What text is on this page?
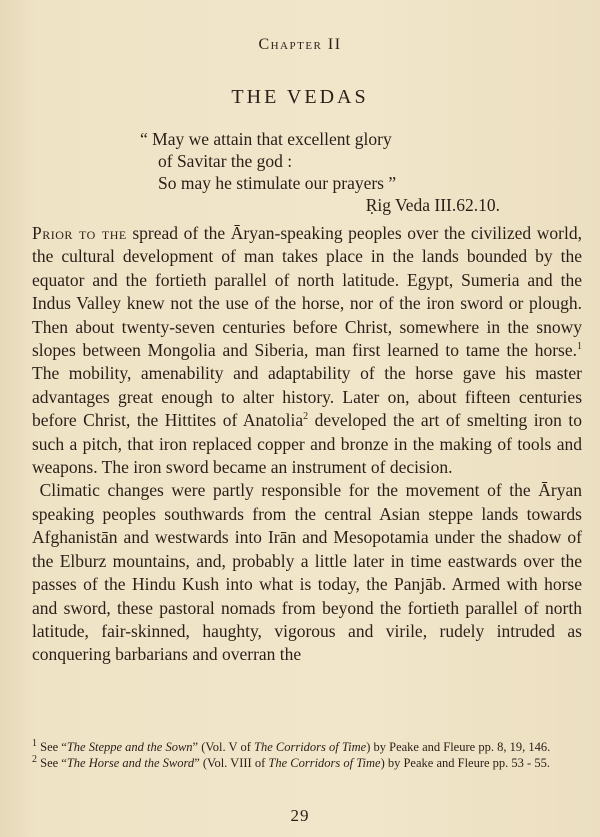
Chapter II
THE VEDAS
“ May we attain that excellent glory
of Savitar the god :
So may he stimulate our prayers ”
Ṛig Veda III.62.10.

Prior to the spread of the Āryan-speaking peoples over the civilized world, the cultural development of man takes place in the lands bounded by the equator and the fortieth parallel of north latitude. Egypt, Sumeria and the Indus Valley knew not the use of the horse, nor of the iron sword or plough. Then about twenty-seven centuries before Christ, somewhere in the snowy slopes between Mongolia and Siberia, man first learned to tame the horse.$^1$ The mobility, amenability and adaptability of the horse gave his master advantages great enough to alter history. Later on, about fifteen centuries before Christ, the Hittites of Anatolia$^2$ developed the art of smelting iron to such a pitch, that iron replaced copper and bronze in the making of tools and weapons. The iron sword became an instrument of decision.

Climatic changes were partly responsible for the movement of the Āryan speaking peoples southwards from the central Asian steppe lands towards Afghanistān and westwards into Irān and Mesopotamia under the shadow of the Elburz mountains, and, probably a little later in time eastwards over the passes of the Hindu Kush into what is today, the Panjāb. Armed with horse and sword, these pastoral nomads from beyond the fortieth parallel of north latitude, fair-skinned, haughty, vigorous and virile, rudely intruded as conquering barbarians and overran the

$^1$ See “The Steppe and the Sown” (Vol. V of The Corridors of Time) by Peake and Fleure pp. 8, 19, 146.

$^2$ See “The Horse and the Sword” (Vol. VIII of The Corridors of Time) by Peake and Fleure pp. 53 - 55.

29
